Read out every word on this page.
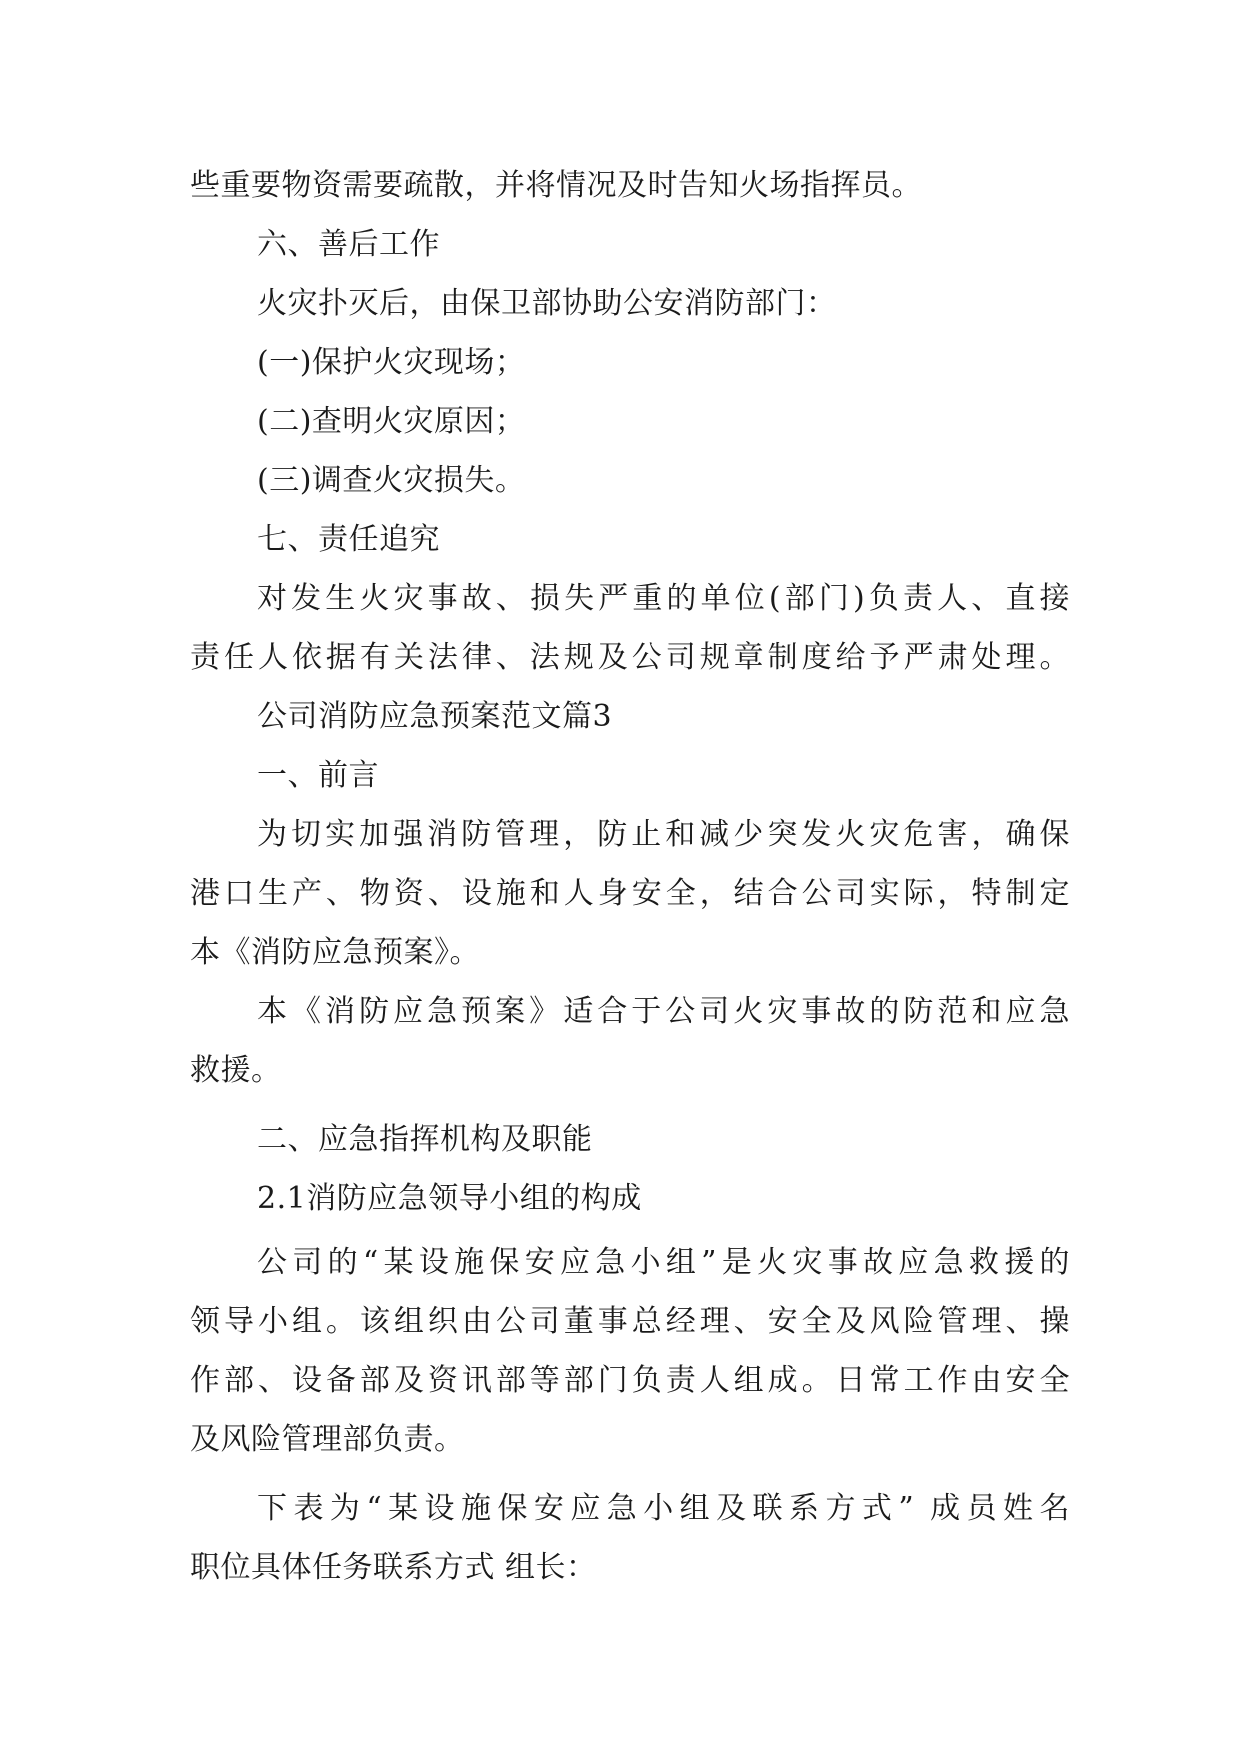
些重要物资需要疏散，并将情况及时告知火场指挥员。
六、善后工作
火灾扑灭后，由保卫部协助公安消防部门：
(一)保护火灾现场；
(二)查明火灾原因；
(三)调查火灾损失。
七、责任追究
对发生火灾事故、损失严重的单位(部门)负责人、直接
责任人依据有关法律、法规及公司规章制度给予严肃处理。
公司消防应急预案范文篇3
一、前言
为切实加强消防管理，防止和减少突发火灾危害，确保
港口生产、物资、设施和人身安全，结合公司实际，特制定
本《消防应急预案》。
本《消防应急预案》适合于公司火灾事故的防范和应急
救援。
二、应急指挥机构及职能
2.1消防应急领导小组的构成
公司的“某设施保安应急小组”是火灾事故应急救援的
领导小组。该组织由公司董事总经理、安全及风险管理、操
作部、设备部及资讯部等部门负责人组成。日常工作由安全
及风险管理部负责。
下表为“某设施保安应急小组及联系方式” 成员姓名
职位具体任务联系方式 组长：
